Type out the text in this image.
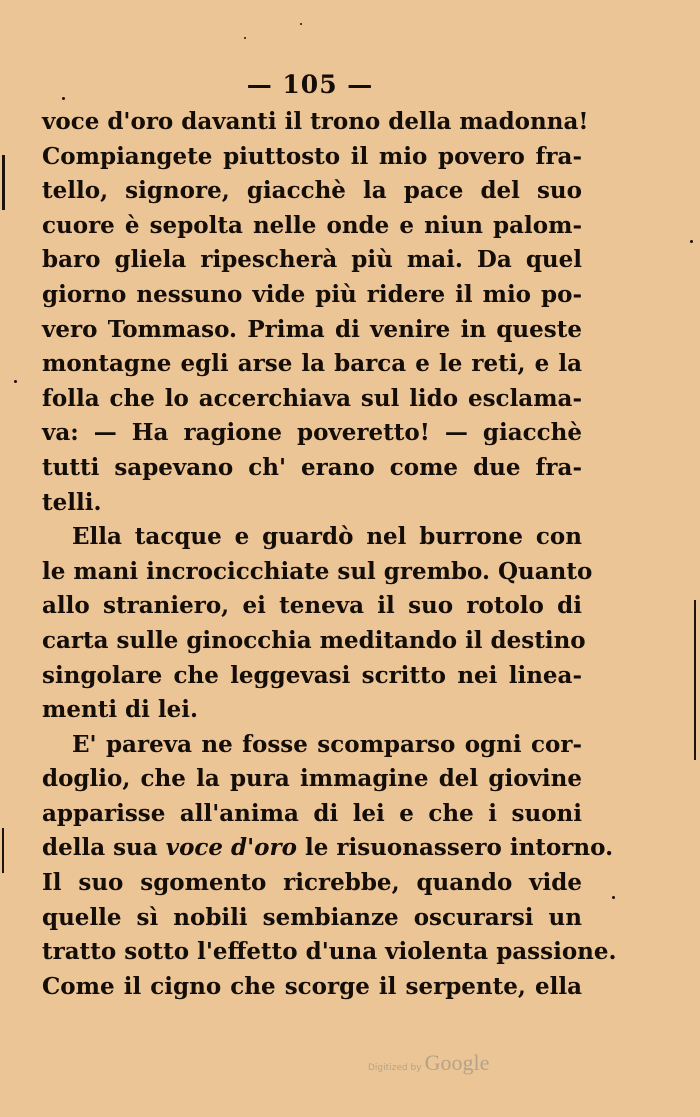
— 105 —
voce d'oro davanti il trono della madonna!
Compiangete piuttosto il mio povero fra-
tello, signore, giacchè la pace del suo
cuore è sepolta nelle onde e niun palom-
baro gliela ripescherà più mai. Da quel
giorno nessuno vide più ridere il mio po-
vero Tommaso. Prima di venire in queste
montagne egli arse la barca e le reti, e la
folla che lo accerchiava sul lido esclama-
va: — Ha ragione poveretto! — giacchè
tutti sapevano ch' erano come due fra-
telli.
Ella tacque e guardò nel burrone con
le mani incrocicchiate sul grembo. Quanto
allo straniero, ei teneva il suo rotolo di
carta sulle ginocchia meditando il destino
singolare che leggevasi scritto nei linea-
menti di lei.
E' pareva ne fosse scomparso ogni cor-
doglio, che la pura immagine del giovine
apparisse all'anima di lei e che i suoni
della sua voce d'oro le risuonassero intorno.
Il suo sgomento ricrebbe, quando vide
quelle sì nobili sembianze oscurarsi un
tratto sotto l'effetto d'una violenta passione.
Come il cigno che scorge il serpente, ella
Digitized by Google
